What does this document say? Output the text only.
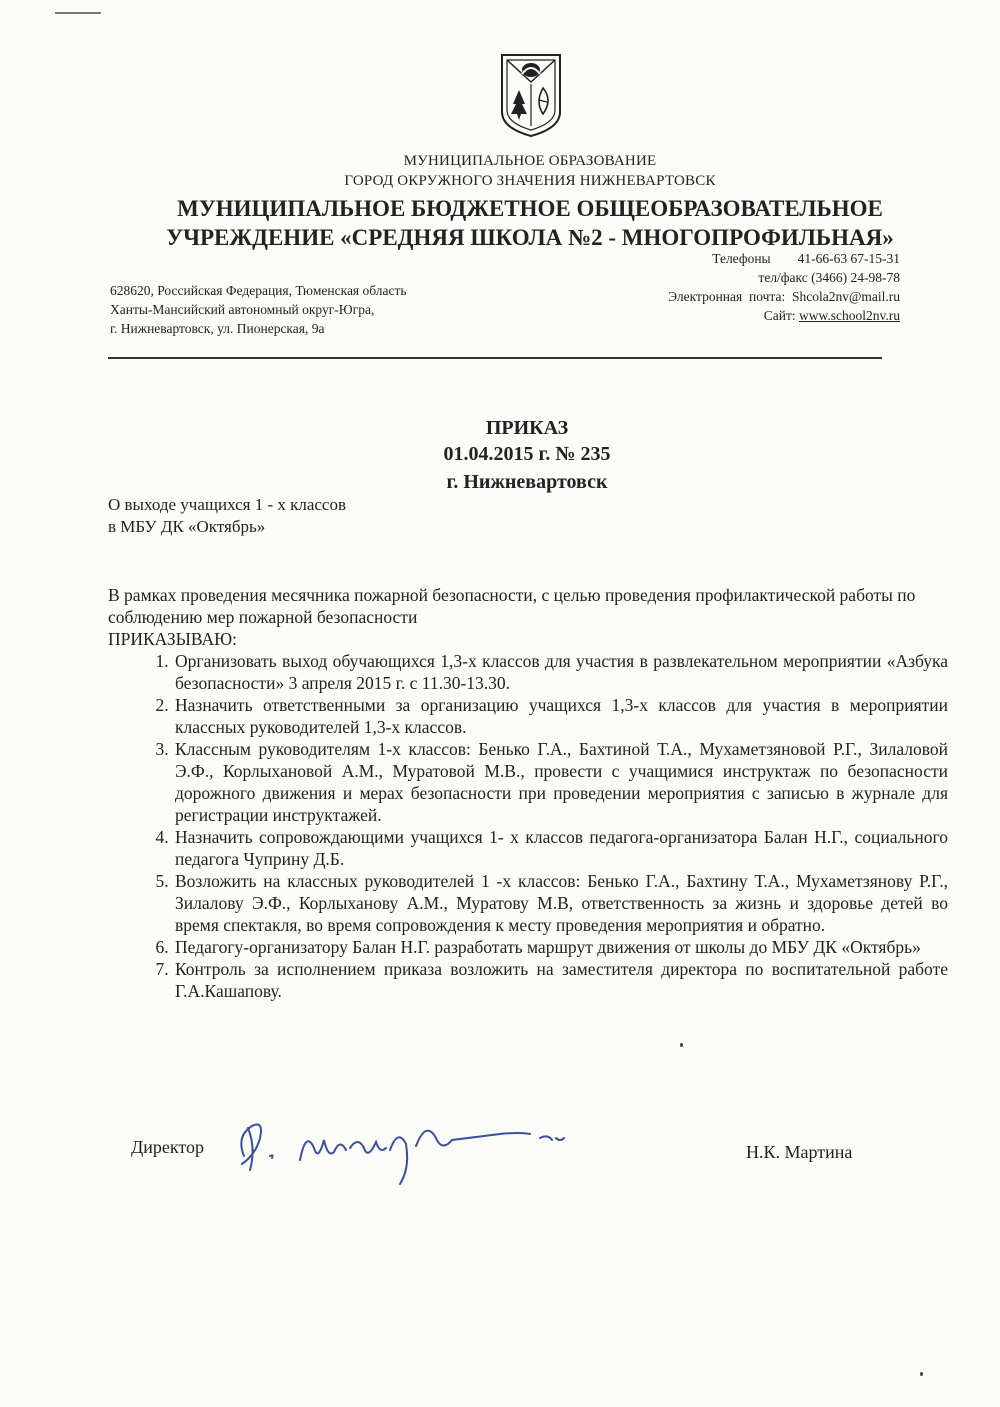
МУНИЦИПАЛЬНОЕ ОБРАЗОВАНИЕ
ГОРОД ОКРУЖНОГО ЗНАЧЕНИЯ НИЖНЕВАРТОВСК
МУНИЦИПАЛЬНОЕ БЮДЖЕТНОЕ ОБЩЕОБРАЗОВАТЕЛЬНОЕ
УЧРЕЖДЕНИЕ «СРЕДНЯЯ ШКОЛА №2 - МНОГОПРОФИЛЬНАЯ»
628620, Российская Федерация, Тюменская область
Ханты-Мансийский автономный округ-Югра,
г. Нижневартовск, ул. Пионерская, 9а
Телефоны        41-66-63 67-15-31
тел/факс (3466) 24-98-78
Электронная  почта:  Shcola2nv@mail.ru
Сайт: www.school2nv.ru
ПРИКАЗ
01.04.2015 г. № 235
г. Нижневартовск
О выходе учащихся 1 - х классов
в МБУ ДК «Октябрь»

В рамках проведения месячника пожарной безопасности, с целью проведения профилактической работы по соблюдению мер пожарной безопасности

ПРИКАЗЫВАЮ:

1. Организовать выход обучающихся 1,3-х классов для участия в развлекательном мероприятии «Азбука безопасности» 3 апреля 2015 г. с 11.30-13.30.
2. Назначить ответственными за организацию учащихся 1,3-х классов для участия в мероприятии классных руководителей 1,3-х классов.
3. Классным руководителям 1-х классов: Бенько Г.А., Бахтиной Т.А., Мухаметзяновой Р.Г., Зилаловой Э.Ф., Корлыхановой А.М., Муратовой М.В., провести с учащимися инструктаж по безопасности дорожного движения и мерах безопасности при проведении мероприятия с записью в журнале для регистрации инструктажей.
4. Назначить сопровождающими учащихся 1- х классов педагога-организатора Балан Н.Г., социального педагога Чуприну Д.Б.
5. Возложить на классных руководителей 1 -х классов: Бенько Г.А., Бахтину Т.А., Мухаметзянову Р.Г., Зилалову Э.Ф., Корлыханову А.М., Муратову М.В, ответственность за жизнь и здоровье детей во время спектакля, во время сопровождения к месту проведения мероприятия и обратно.
6. Педагогу-организатору Балан Н.Г. разработать маршрут движения от школы до МБУ ДК «Октябрь»
7. Контроль за исполнением приказа возложить на заместителя директора по воспитательной работе Г.А.Кашапову.
Директор	Н.К. Мартина
